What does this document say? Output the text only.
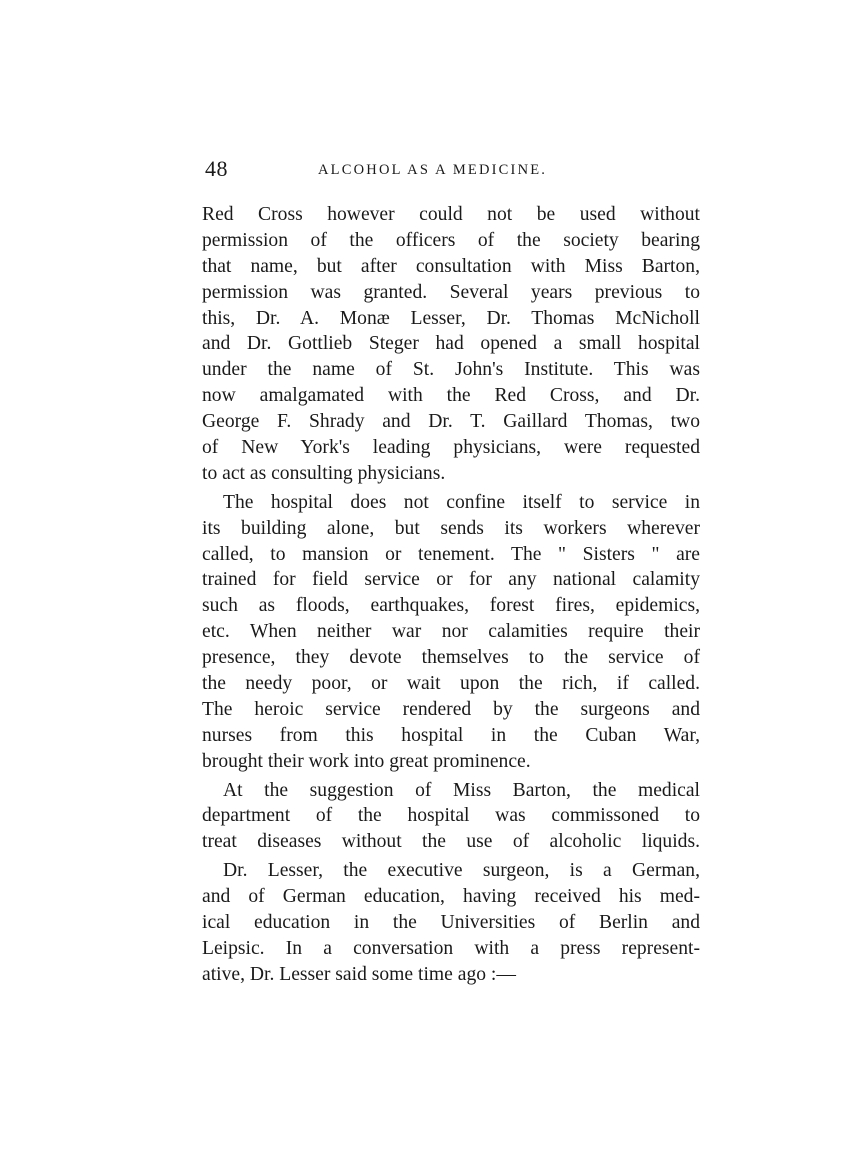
48	ALCOHOL AS A MEDICINE.
Red Cross however could not be used without
permission of the officers of the society bearing
that name, but after consultation with Miss Barton,
permission was granted. Several years previous to
this, Dr. A. Monæ Lesser, Dr. Thomas McNicholl
and Dr. Gottlieb Steger had opened a small hospital
under the name of St. John's Institute. This was
now amalgamated with the Red Cross, and Dr.
George F. Shrady and Dr. T. Gaillard Thomas, two
of New York's leading physicians, were requested
to act as consulting physicians.
The hospital does not confine itself to service in
its building alone, but sends its workers wherever
called, to mansion or tenement. The " Sisters " are
trained for field service or for any national calamity
such as floods, earthquakes, forest fires, epidemics,
etc. When neither war nor calamities require their
presence, they devote themselves to the service of
the needy poor, or wait upon the rich, if called.
The heroic service rendered by the surgeons and
nurses from this hospital in the Cuban War,
brought their work into great prominence.
At the suggestion of Miss Barton, the medical
department of the hospital was commissoned to
treat diseases without the use of alcoholic liquids.
Dr. Lesser, the executive surgeon, is a German,
and of German education, having received his med-
ical education in the Universities of Berlin and
Leipsic. In a conversation with a press represent-
ative, Dr. Lesser said some time ago :—
